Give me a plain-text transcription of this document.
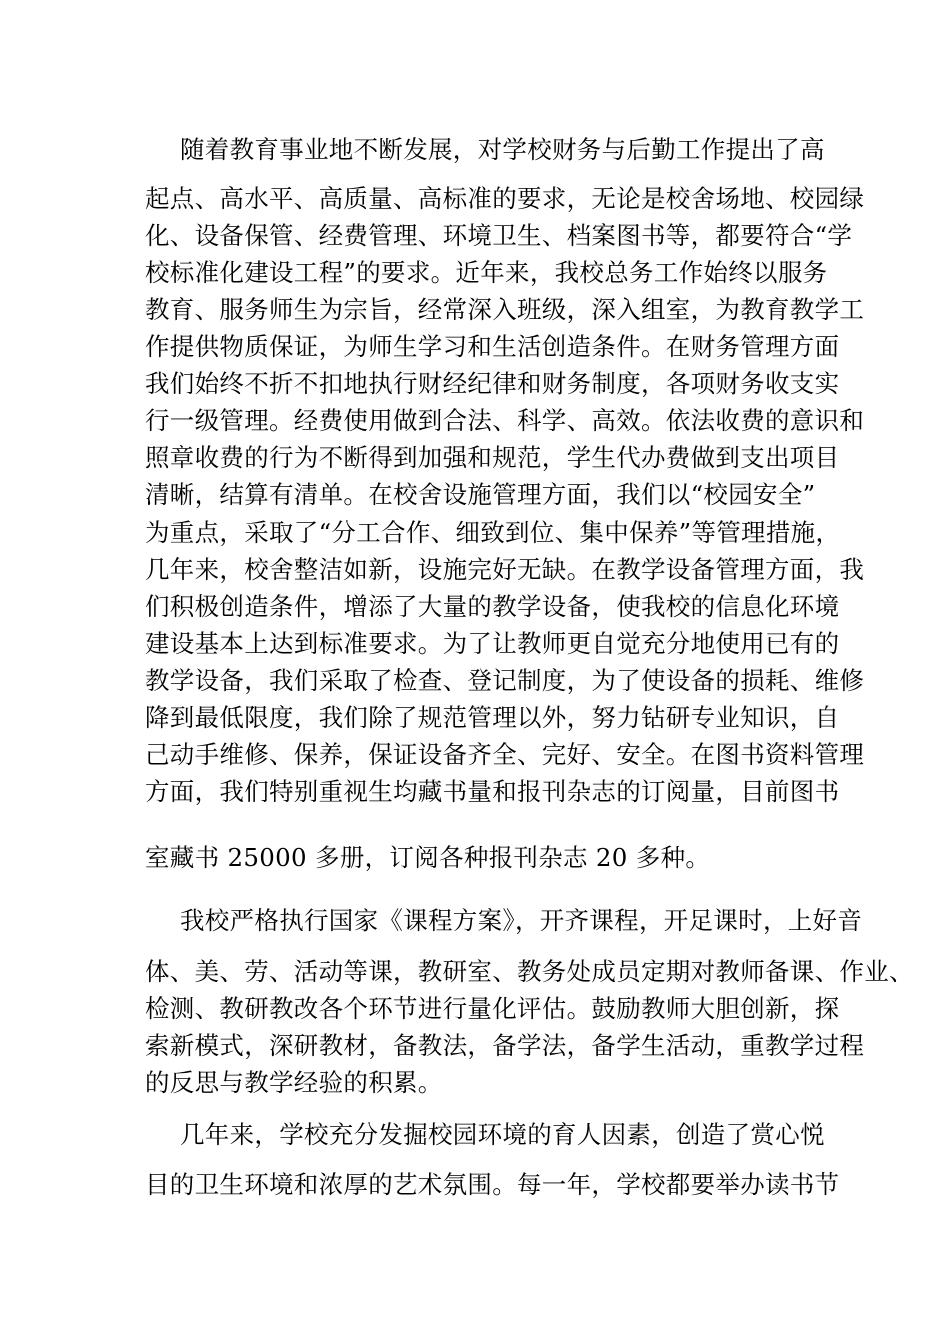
随着教育事业地不断发展，对学校财务与后勤工作提出了高
起点、高水平、高质量、高标准的要求，无论是校舍场地、校园绿
化、设备保管、经费管理、环境卫生、档案图书等，都要符合“学
校标准化建设工程”的要求。近年来，我校总务工作始终以服务
教育、服务师生为宗旨，经常深入班级，深入组室，为教育教学工
作提供物质保证，为师生学习和生活创造条件。在财务管理方面
我们始终不折不扣地执行财经纪律和财务制度，各项财务收支实
行一级管理。经费使用做到合法、科学、高效。依法收费的意识和
照章收费的行为不断得到加强和规范，学生代办费做到支出项目
清晰，结算有清单。在校舍设施管理方面，我们以“校园安全”
为重点，采取了“分工合作、细致到位、集中保养”等管理措施，
几年来，校舍整洁如新，设施完好无缺。在教学设备管理方面，我
们积极创造条件，增添了大量的教学设备，使我校的信息化环境
建设基本上达到标准要求。为了让教师更自觉充分地使用已有的
教学设备，我们采取了检查、登记制度，为了使设备的损耗、维修
降到最低限度，我们除了规范管理以外，努力钻研专业知识，自
己动手维修、保养，保证设备齐全、完好、安全。在图书资料管理
方面，我们特别重视生均藏书量和报刊杂志的订阅量，目前图书
室藏书 25000 多册，订阅各种报刊杂志 20 多种。
我校严格执行国家《课程方案》，开齐课程，开足课时，上好音
体、美、劳、活动等课，教研室、教务处成员定期对教师备课、作业、
检测、教研教改各个环节进行量化评估。鼓励教师大胆创新，探
索新模式，深研教材，备教法，备学法，备学生活动，重教学过程
的反思与教学经验的积累。
几年来，学校充分发掘校园环境的育人因素，创造了赏心悦
目的卫生环境和浓厚的艺术氛围。每一年，学校都要举办读书节
